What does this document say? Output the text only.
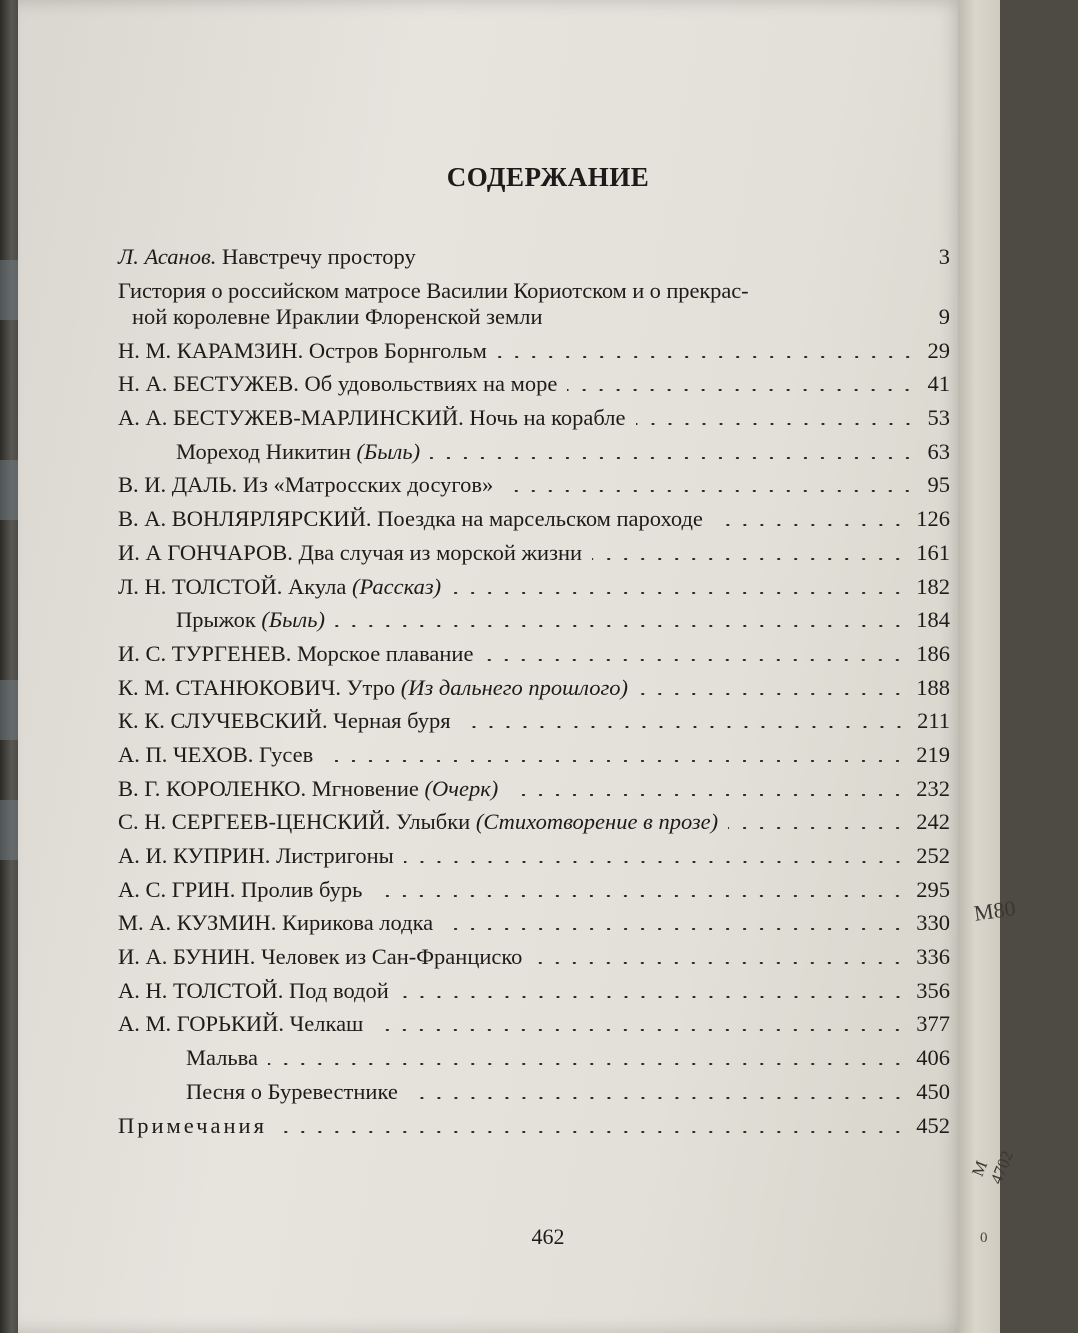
СОДЕРЖАНИЕ
Л. Асанов. Навстречу простору	3
Гистория о российском матросе Василии Кориотском и о прекрас-
ной королевне Ираклии Флоренской земли	9
Н. М. КАРАМЗИН. Остров Борнгольм	29
Н. А. БЕСТУЖЕВ. Об удовольствиях на море	41
А. А. БЕСТУЖЕВ-МАРЛИНСКИЙ. Ночь на корабле	53
Мореход Никитин (Быль)	63
В. И. ДАЛЬ. Из «Матросских досугов»	95
В. А. ВОНЛЯРЛЯРСКИЙ. Поездка на марсельском пароходе	126
И. А ГОНЧАРОВ. Два случая из морской жизни	161
Л. Н. ТОЛСТОЙ. Акула (Рассказ)	182
Прыжок (Быль)	184
И. С. ТУРГЕНЕВ. Морское плавание	186
К. М. СТАНЮКОВИЧ. Утро (Из дальнего прошлого)	188
К. К. СЛУЧЕВСКИЙ. Черная буря	211
А. П. ЧЕХОВ. Гусев	219
В. Г. КОРОЛЕНКО. Мгновение (Очерк)	232
С. Н. СЕРГЕЕВ-ЦЕНСКИЙ. Улыбки (Стихотворение в прозе)	242
А. И. КУПРИН. Листригоны	252
А. С. ГРИН. Пролив бурь	295
М. А. КУЗМИН. Кирикова лодка	330
И. А. БУНИН. Человек из Сан-Франциско	336
А. Н. ТОЛСТОЙ. Под водой	356
А. М. ГОРЬКИЙ. Челкаш	377
Мальва	406
Песня о Буревестнике	450
Примечания	452
462
М80
М 4702
0
